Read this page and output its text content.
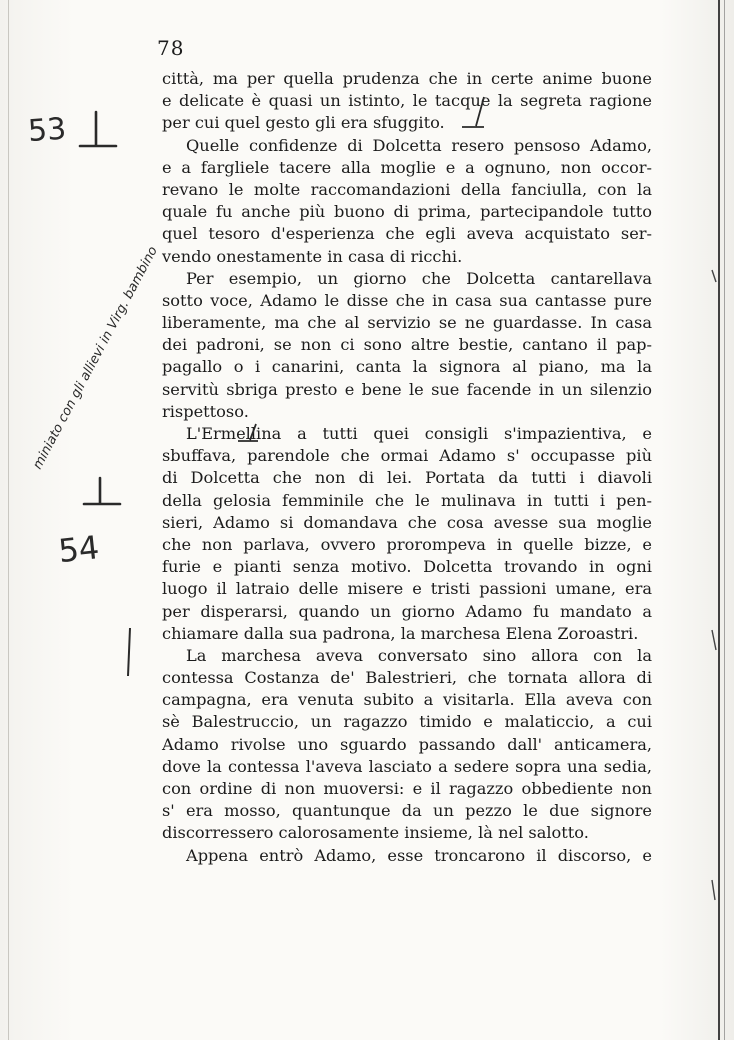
78
città, ma per quella prudenza che in certe anime buone
e delicate è quasi un istinto, le tacque la segreta ragione
per cui quel gesto gli era sfuggito.
Quelle confidenze di Dolcetta resero pensoso Adamo,
e a fargliele tacere alla moglie e a ognuno, non occor-
revano le molte raccomandazioni della fanciulla, con la
quale fu anche più buono di prima, partecipandole tutto
quel tesoro d'esperienza che egli aveva acquistato ser-
vendo onestamente in casa di ricchi.
Per esempio, un giorno che Dolcetta cantarellava
sotto voce, Adamo le disse che in casa sua cantasse pure
liberamente, ma che al servizio se ne guardasse. In casa
dei padroni, se non ci sono altre bestie, cantano il pap-
pagallo o i canarini, canta la signora al piano, ma la
servitù sbriga presto e bene le sue facende in un silenzio
rispettoso.
L'Ermellina a tutti quei consigli s'impazientiva, e
sbuffava, parendole che ormai Adamo s' occupasse più
di Dolcetta che non di lei. Portata da tutti i diavoli
della gelosia femminile che le mulinava in tutti i pen-
sieri, Adamo si domandava che cosa avesse sua moglie
che non parlava, ovvero prorompeva in quelle bizze, e
furie e pianti senza motivo. Dolcetta trovando in ogni
luogo il latraio delle misere e tristi passioni umane, era
per disperarsi, quando un giorno Adamo fu mandato a
chiamare dalla sua padrona, la marchesa Elena Zoroastri.
La marchesa aveva conversato sino allora con la
contessa Costanza de' Balestrieri, che tornata allora di
campagna, era venuta subito a visitarla. Ella aveva con
sè Balestruccio, un ragazzo timido e malaticcio, a cui
Adamo rivolse uno sguardo passando dall' anticamera,
dove la contessa l'aveva lasciato a sedere sopra una sedia,
con ordine di non muoversi: e il ragazzo obbediente non
s' era mosso, quantunque da un pezzo le due signore
discorressero calorosamente insieme, là nel salotto.
Appena entrò Adamo, esse troncarono il discorso, e
53
54
miniato con gli allievi in Virg. bambino
